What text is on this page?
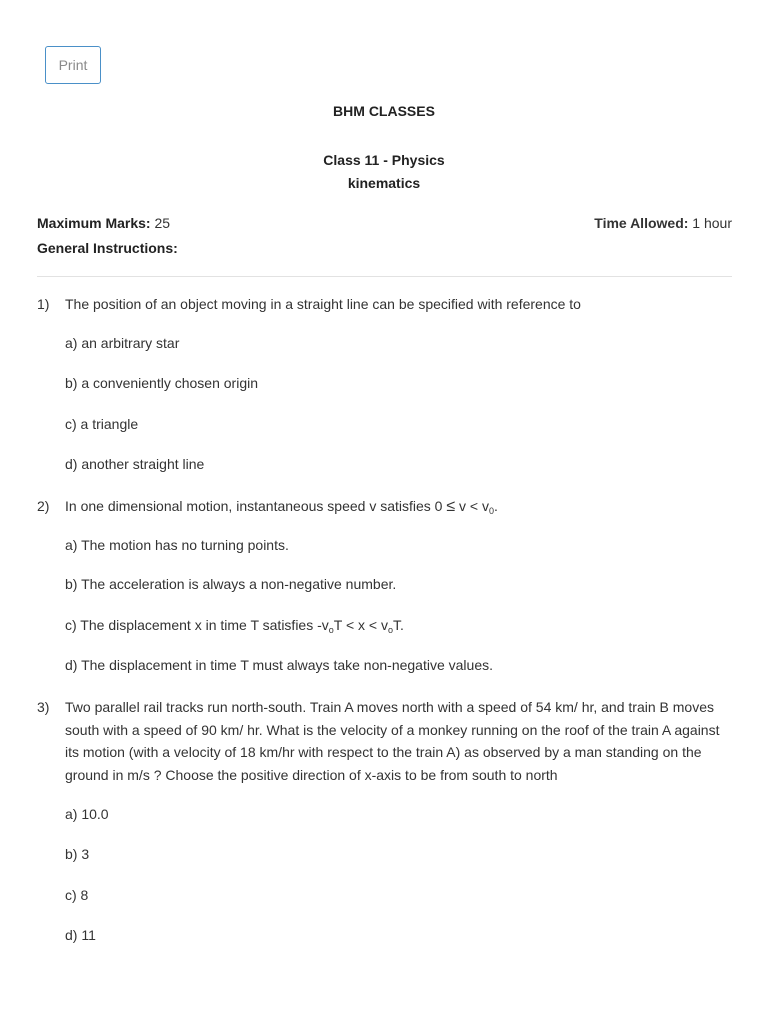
Print
BHM CLASSES
Class 11 - Physics
kinematics
Maximum Marks: 25	Time Allowed: 1 hour
General Instructions:
1)	The position of an object moving in a straight line can be specified with reference to
a) an arbitrary star
b) a conveniently chosen origin
c) a triangle
d) another straight line
2)	In one dimensional motion, instantaneous speed v satisfies $0 \le v < v_0$.
a) The motion has no turning points.
b) The acceleration is always a non-negative number.
c) The displacement x in time T satisfies $-v_oT < x < v_oT$.
d) The displacement in time T must always take non-negative values.
3)	Two parallel rail tracks run north-south. Train A moves north with a speed of 54 km/ hr, and train B moves south with a speed of 90 km/ hr. What is the velocity of a monkey running on the roof of the train A against its motion (with a velocity of 18 km/hr with respect to the train A) as observed by a man standing on the ground in m/s ? Choose the positive direction of x-axis to be from south to north
a) 10.0
b) 3
c) 8
d) 11
